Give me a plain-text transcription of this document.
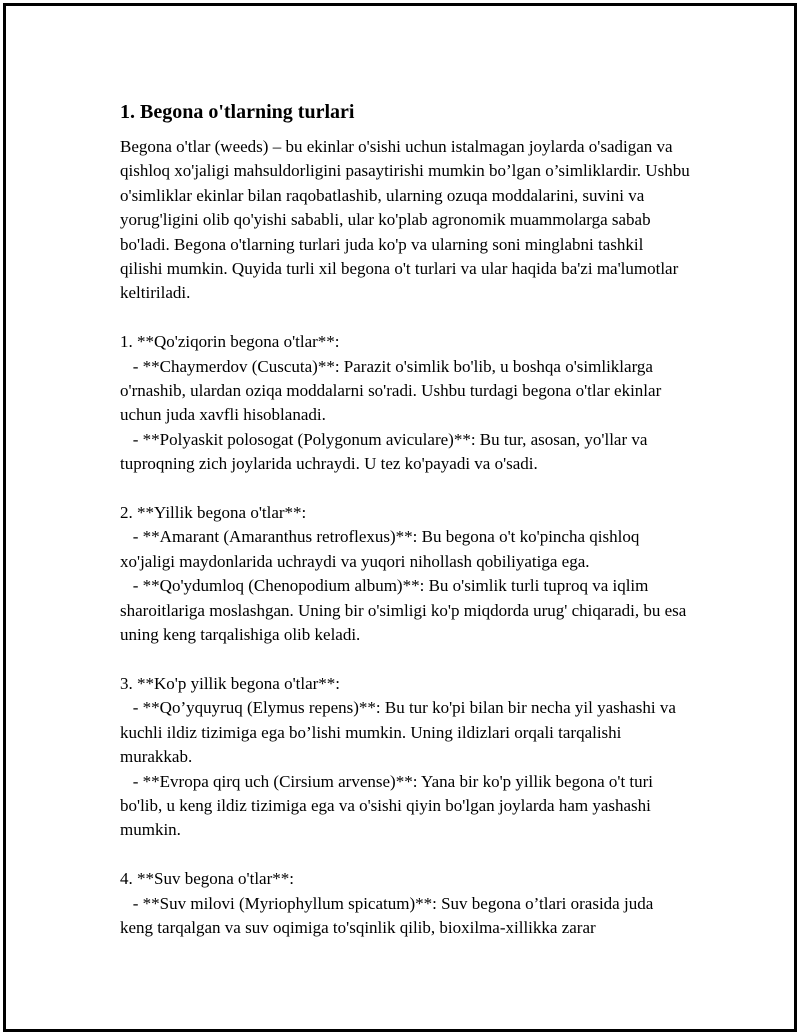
1. Begona o'tlarning turlari

Begona o'tlar (weeds) – bu ekinlar o'sishi uchun istalmagan joylarda o'sadigan va qishloq xo'jaligi mahsuldorligini pasaytirishi mumkin bo’lgan o’simliklardir. Ushbu o'simliklar ekinlar bilan raqobatlashib, ularning ozuqa moddalarini, suvini va yorug'ligini olib qo'yishi sababli, ular ko'plab agronomik muammolarga sabab bo'ladi. Begona o'tlarning turlari juda ko'p va ularning soni minglabni tashkil qilishi mumkin. Quyida turli xil begona o't turlari va ular haqida ba'zi ma'lumotlar keltiriladi.

1. **Qo'ziqorin begona o'tlar**:

- **Chaymerdov (Cuscuta)**: Parazit o'simlik bo'lib, u boshqa o'simliklarga o'rnashib, ulardan oziqa moddalarni so'radi. Ushbu turdagi begona o'tlar ekinlar uchun juda xavfli hisoblanadi.

- **Polyaskit polosogat (Polygonum aviculare)**: Bu tur, asosan, yo'llar va tuproqning zich joylarida uchraydi. U tez ko'payadi va o'sadi.

2. **Yillik begona o'tlar**:

- **Amarant (Amaranthus retroflexus)**: Bu begona o't ko'pincha qishloq xo'jaligi maydonlarida uchraydi va yuqori nihollash qobiliyatiga ega.

- **Qo'ydumloq (Chenopodium album)**: Bu o'simlik turli tuproq va iqlim sharoitlariga moslashgan. Uning bir o'simligi ko'p miqdorda urug' chiqaradi, bu esa uning keng tarqalishiga olib keladi.

3. **Ko'p yillik begona o'tlar**:

- **Qo’yquyruq (Elymus repens)**: Bu tur ko'pi bilan bir necha yil yashashi va kuchli ildiz tizimiga ega bo’lishi mumkin. Uning ildizlari orqali tarqalishi murakkab.

- **Evropa qirq uch (Cirsium arvense)**: Yana bir ko'p yillik begona o't turi bo'lib, u keng ildiz tizimiga ega va o'sishi qiyin bo'lgan joylarda ham yashashi mumkin.

4. **Suv begona o'tlar**:

- **Suv milovi (Myriophyllum spicatum)**: Suv begona o’tlari orasida juda keng tarqalgan va suv oqimiga to'sqinlik qilib, bioxilma-xillikka zarar
